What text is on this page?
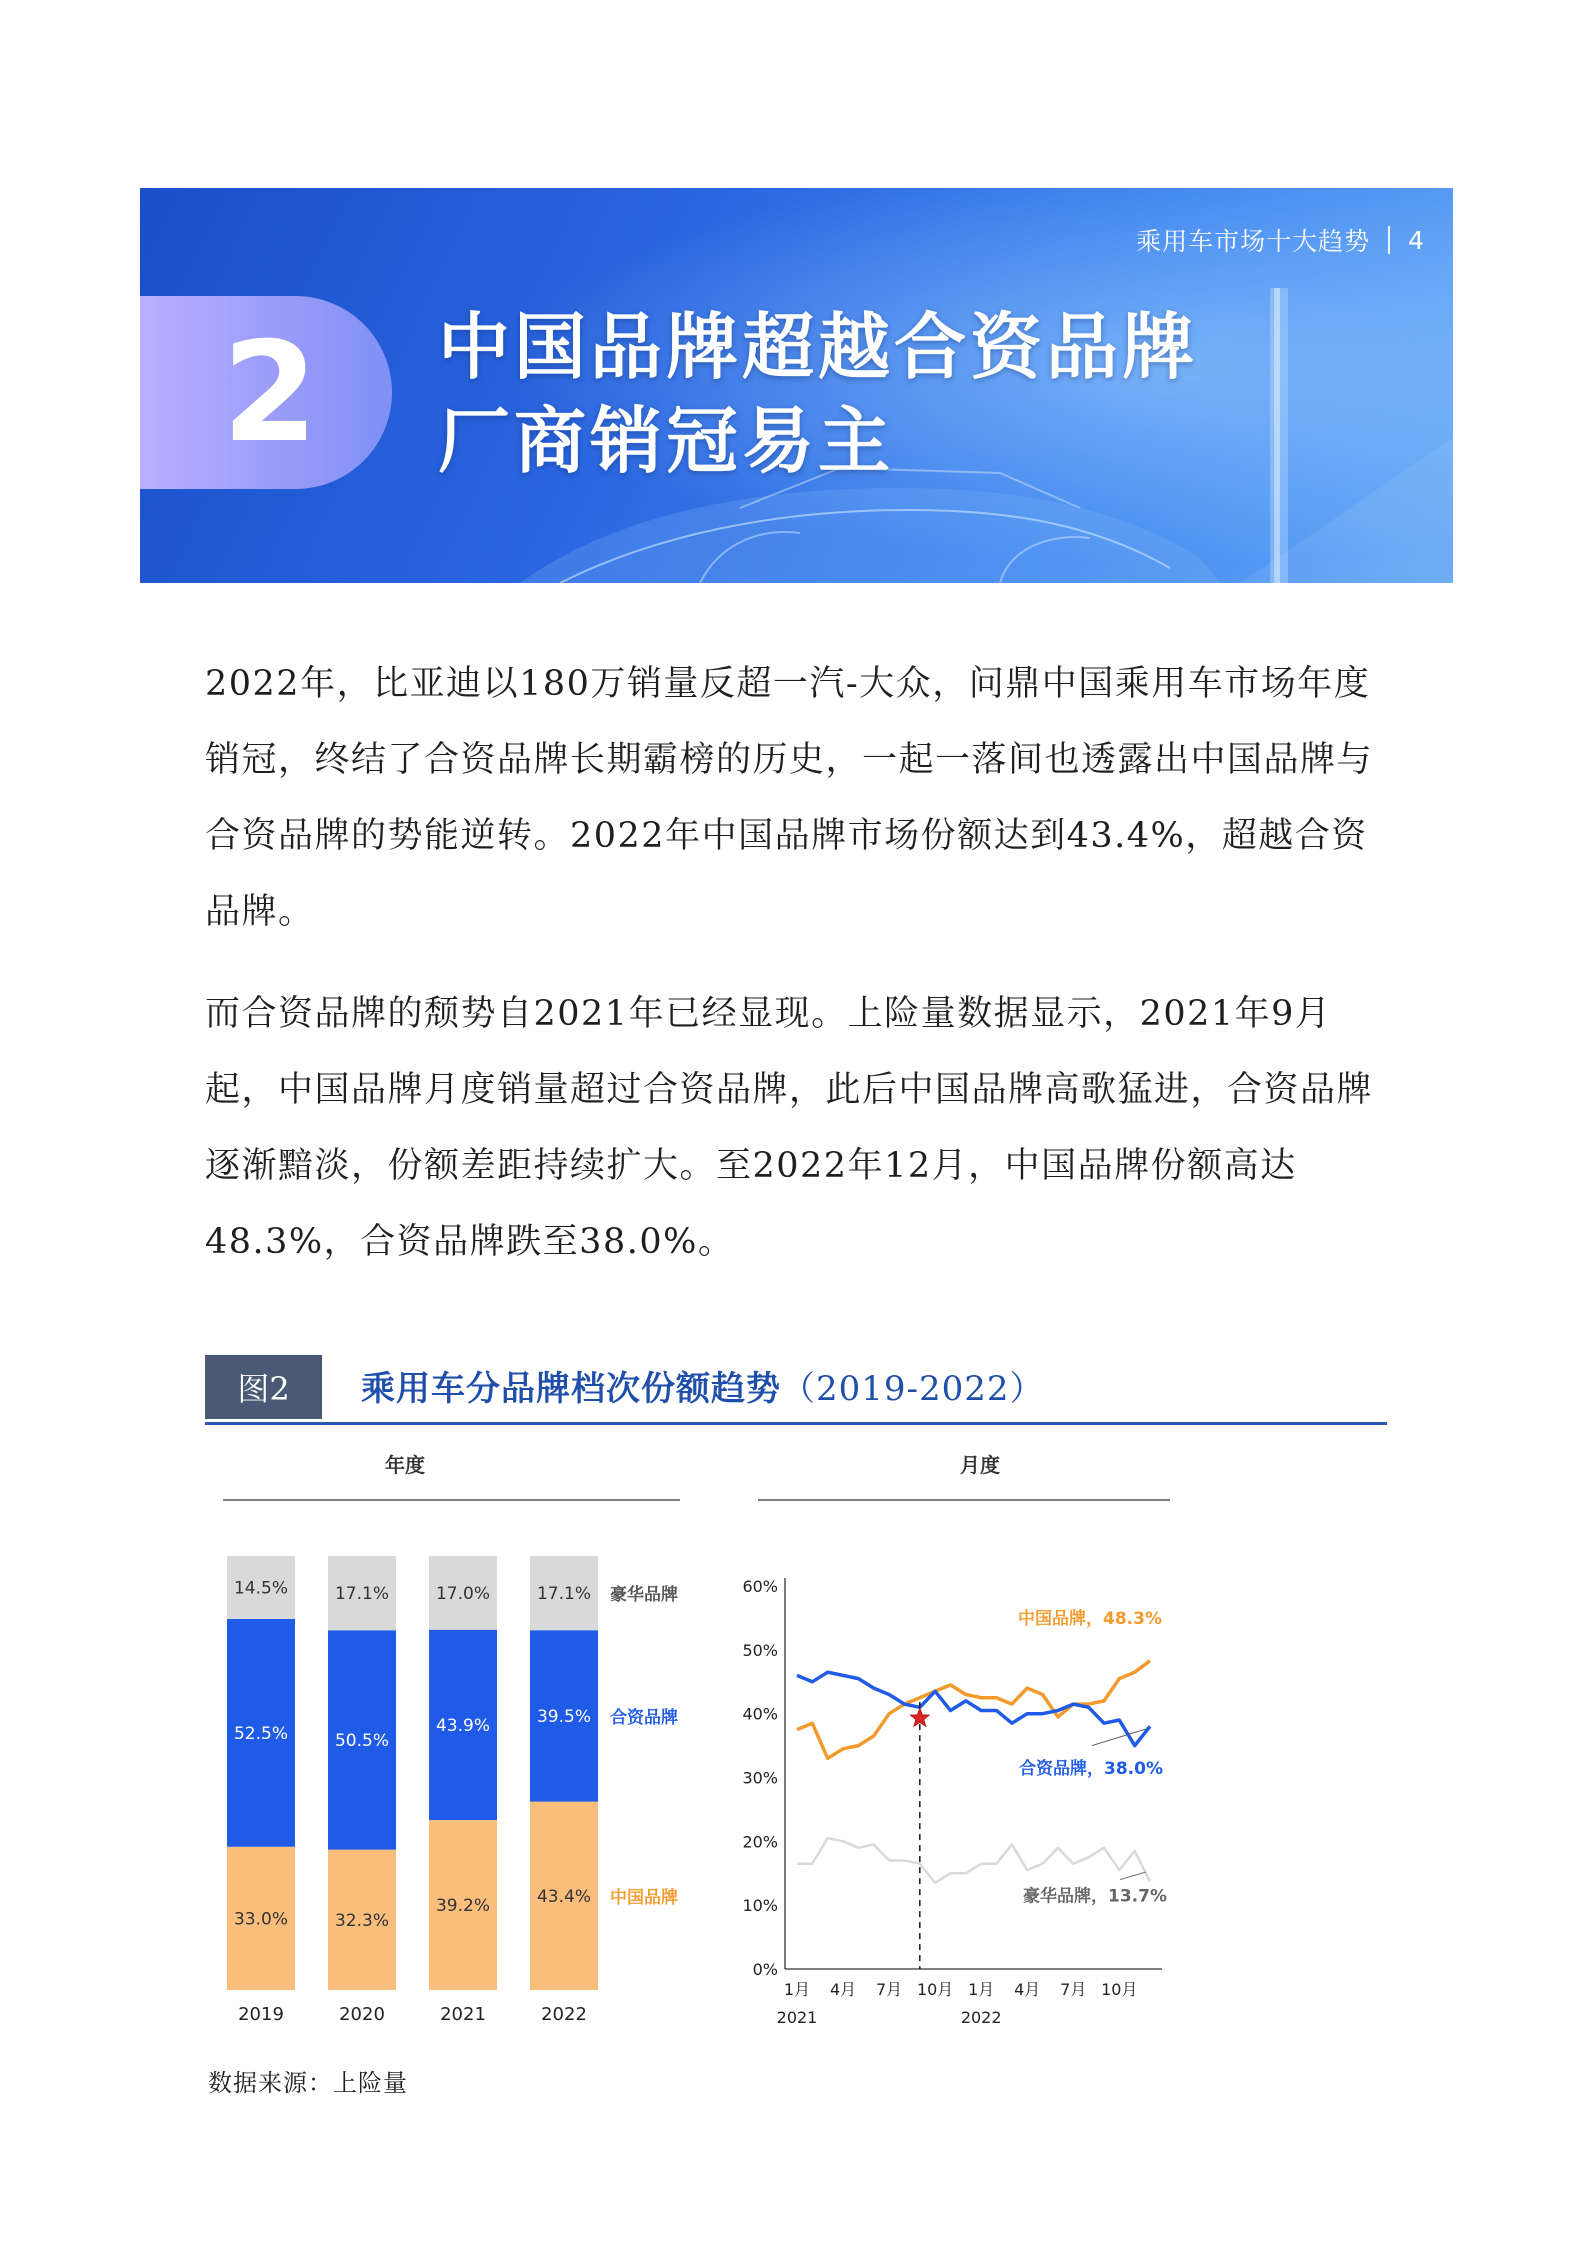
乘用车市场十大趋势 4
2 中国品牌超越合资品牌
厂商销冠易主

2022年，比亚迪以180万销量反超一汽-大众，问鼎中国乘用车市场年度销冠，终结了合资品牌长期霸榜的历史，一起一落间也透露出中国品牌与合资品牌的势能逆转。2022年中国品牌市场份额达到43.4%，超越合资品牌。

而合资品牌的颓势自2021年已经显现。上险量数据显示，2021年9月起，中国品牌月度销量超过合资品牌，此后中国品牌高歌猛进，合资品牌逐渐黯淡，份额差距持续扩大。至2022年12月，中国品牌份额高达48.3%，合资品牌跌至38.0%。

图2	乘用车分品牌档次份额趋势（2019-2022）
年度
33.0%
52.5%
14.5%
2019
32.3%
50.5%
17.1%
2020
39.2%
43.9%
17.0%
2021
43.4%
39.5%
17.1%
2022
中国品牌
合资品牌
豪华品牌
月度
0%
10%
20%
30%
40%
50%
60%
1月 4月 7月 10月 1月 4月 7月 10月
2021	2022
中国品牌，48.3%
合资品牌，38.0%
豪华品牌，13.7%
数据来源：上险量
